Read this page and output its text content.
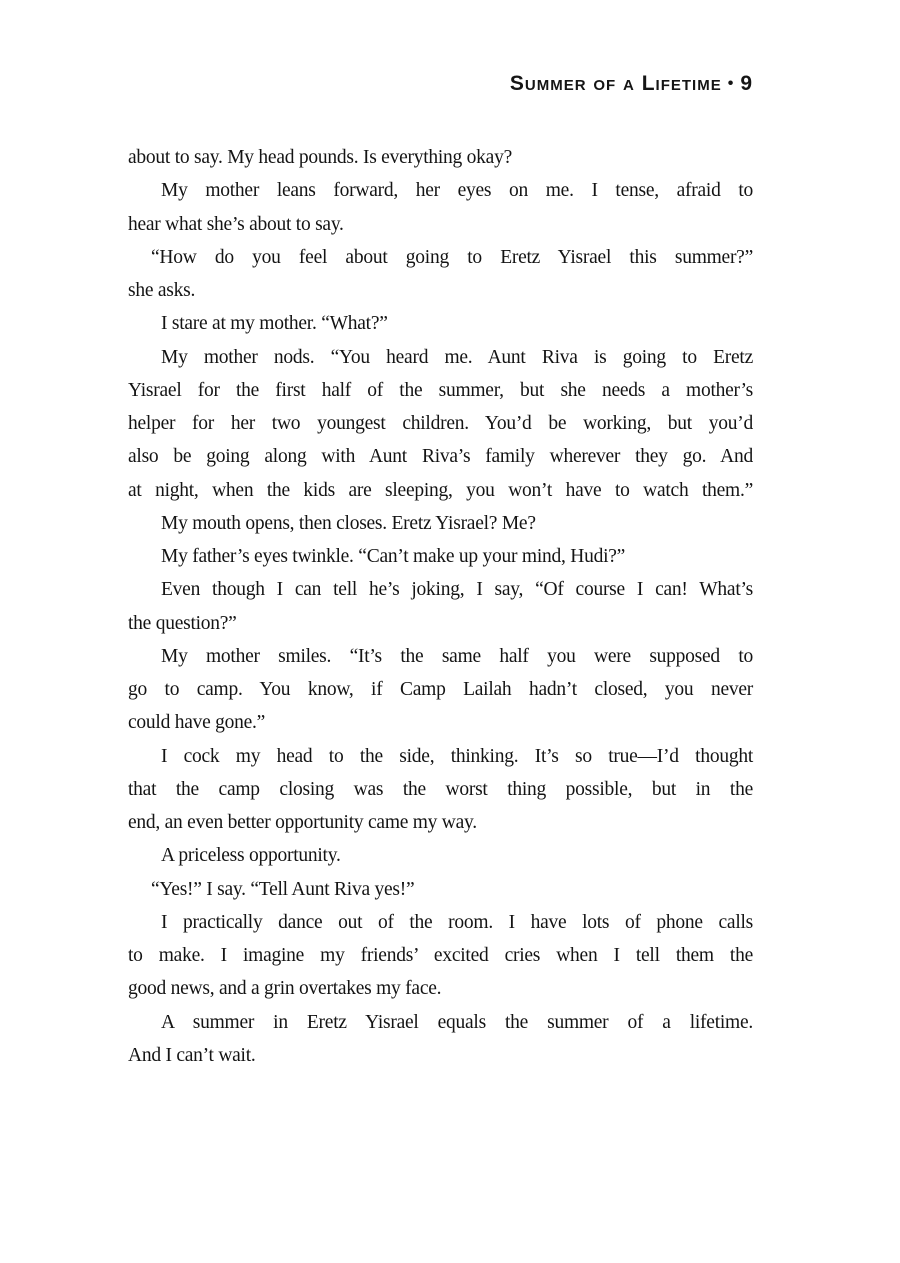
Summer of a Lifetime • 9
about to say. My head pounds. Is everything okay?
My mother leans forward, her eyes on me. I tense, afraid to
hear what she’s about to say.
“How do you feel about going to Eretz Yisrael this summer?”
she asks.
I stare at my mother. “What?”
My mother nods. “You heard me. Aunt Riva is going to Eretz
Yisrael for the first half of the summer, but she needs a mother’s
helper for her two youngest children. You’d be working, but you’d
also be going along with Aunt Riva’s family wherever they go. And
at night, when the kids are sleeping, you won’t have to watch them.”
My mouth opens, then closes. Eretz Yisrael? Me?
My father’s eyes twinkle. “Can’t make up your mind, Hudi?”
Even though I can tell he’s joking, I say, “Of course I can! What’s
the question?”
My mother smiles. “It’s the same half you were supposed to
go to camp. You know, if Camp Lailah hadn’t closed, you never
could have gone.”
I cock my head to the side, thinking. It’s so true—I’d thought
that the camp closing was the worst thing possible, but in the
end, an even better opportunity came my way.
A priceless opportunity.
“Yes!” I say. “Tell Aunt Riva yes!”
I practically dance out of the room. I have lots of phone calls
to make. I imagine my friends’ excited cries when I tell them the
good news, and a grin overtakes my face.
A summer in Eretz Yisrael equals the summer of a lifetime.
And I can’t wait.
